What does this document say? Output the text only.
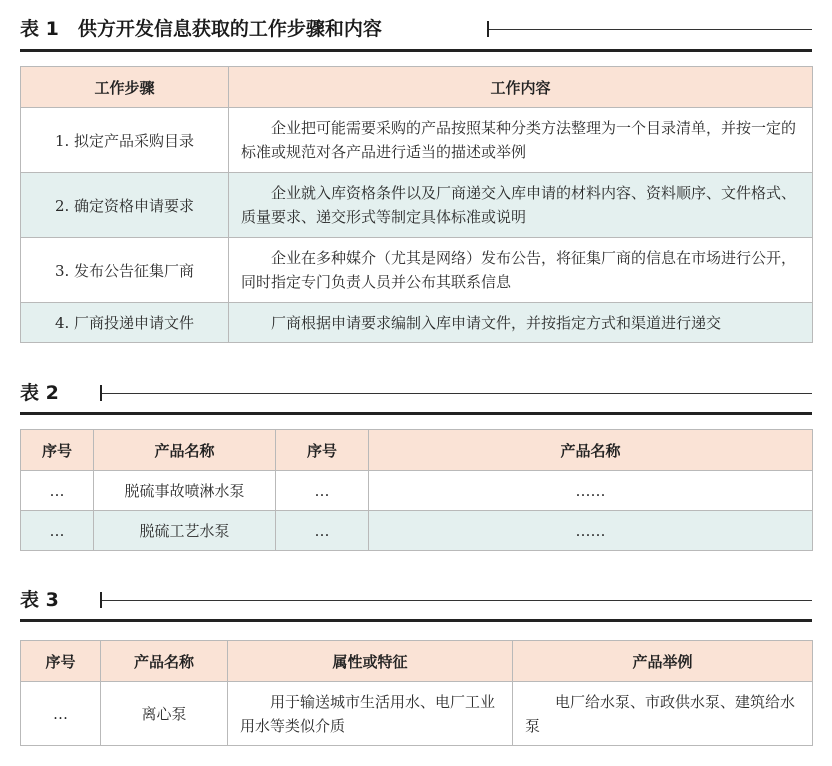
表 1　供方开发信息获取的工作步骤和内容
工作步骤	工作内容
1. 拟定产品采购目录	企业把可能需要采购的产品按照某种分类方法整理为一个目录清单，并按一定的标准或规范对各产品进行适当的描述或举例
2. 确定资格申请要求	企业就入库资格条件以及厂商递交入库申请的材料内容、资料顺序、文件格式、质量要求、递交形式等制定具体标准或说明
3. 发布公告征集厂商	企业在多种媒介（尤其是网络）发布公告，将征集厂商的信息在市场进行公开，同时指定专门负责人员并公布其联系信息
4. 厂商投递申请文件	厂商根据申请要求编制入库申请文件，并按指定方式和渠道进行递交
表 2
序号	产品名称	序号	产品名称
…	脱硫事故喷淋水泵	…	……
…	脱硫工艺水泵	…	……
表 3
序号	产品名称	属性或特征	产品举例
…	离心泵	用于输送城市生活用水、电厂工业用水等类似介质	电厂给水泵、市政供水泵、建筑给水泵
